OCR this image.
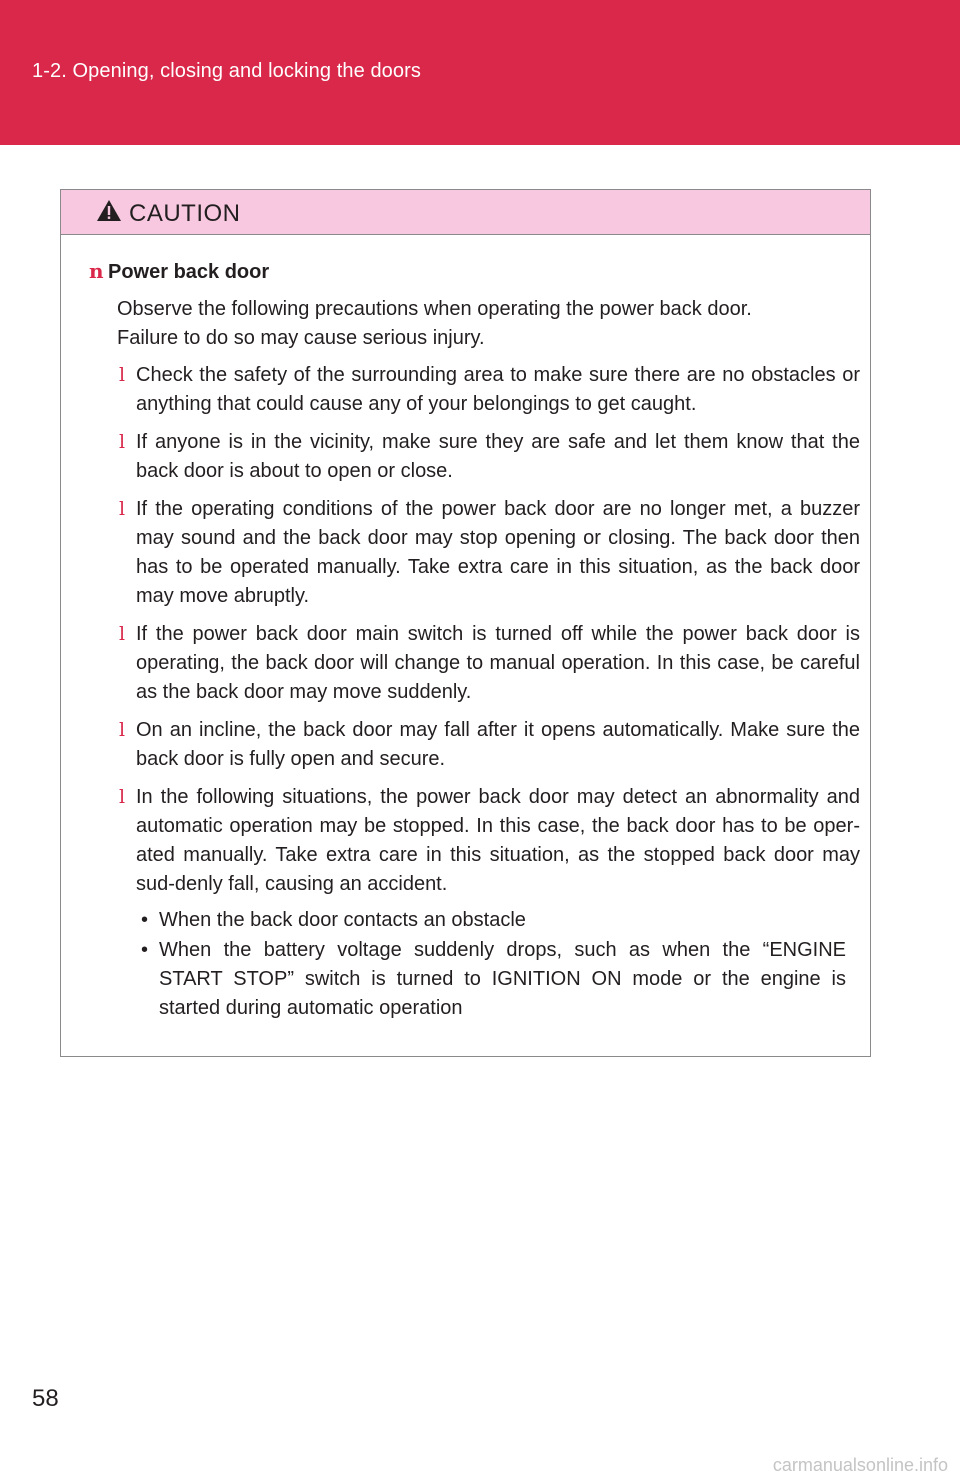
1-2. Opening, closing and locking the doors
CAUTION
n Power back door
Observe the following precautions when operating the power back door.
Failure to do so may cause serious injury.
l Check the safety of the surrounding area to make sure there are no obstacles or anything that could cause any of your belongings to get caught.
l If anyone is in the vicinity, make sure they are safe and let them know that the back door is about to open or close.
l If the operating conditions of the power back door are no longer met, a buzzer may sound and the back door may stop opening or closing. The back door then has to be operated manually. Take extra care in this situation, as the back door may move abruptly.
l If the power back door main switch is turned off while the power back door is operating, the back door will change to manual operation. In this case, be careful as the back door may move suddenly.
l On an incline, the back door may fall after it opens automatically. Make sure the back door is fully open and secure.
l In the following situations, the power back door may detect an abnormality and automatic operation may be stopped. In this case, the back door has to be oper-ated manually. Take extra care in this situation, as the stopped back door may sud-denly fall, causing an accident.
• When the back door contacts an obstacle
• When the battery voltage suddenly drops, such as when the “ENGINE START STOP” switch is turned to IGNITION ON mode or the engine is started during automatic operation
58
carmanualsonline.info
